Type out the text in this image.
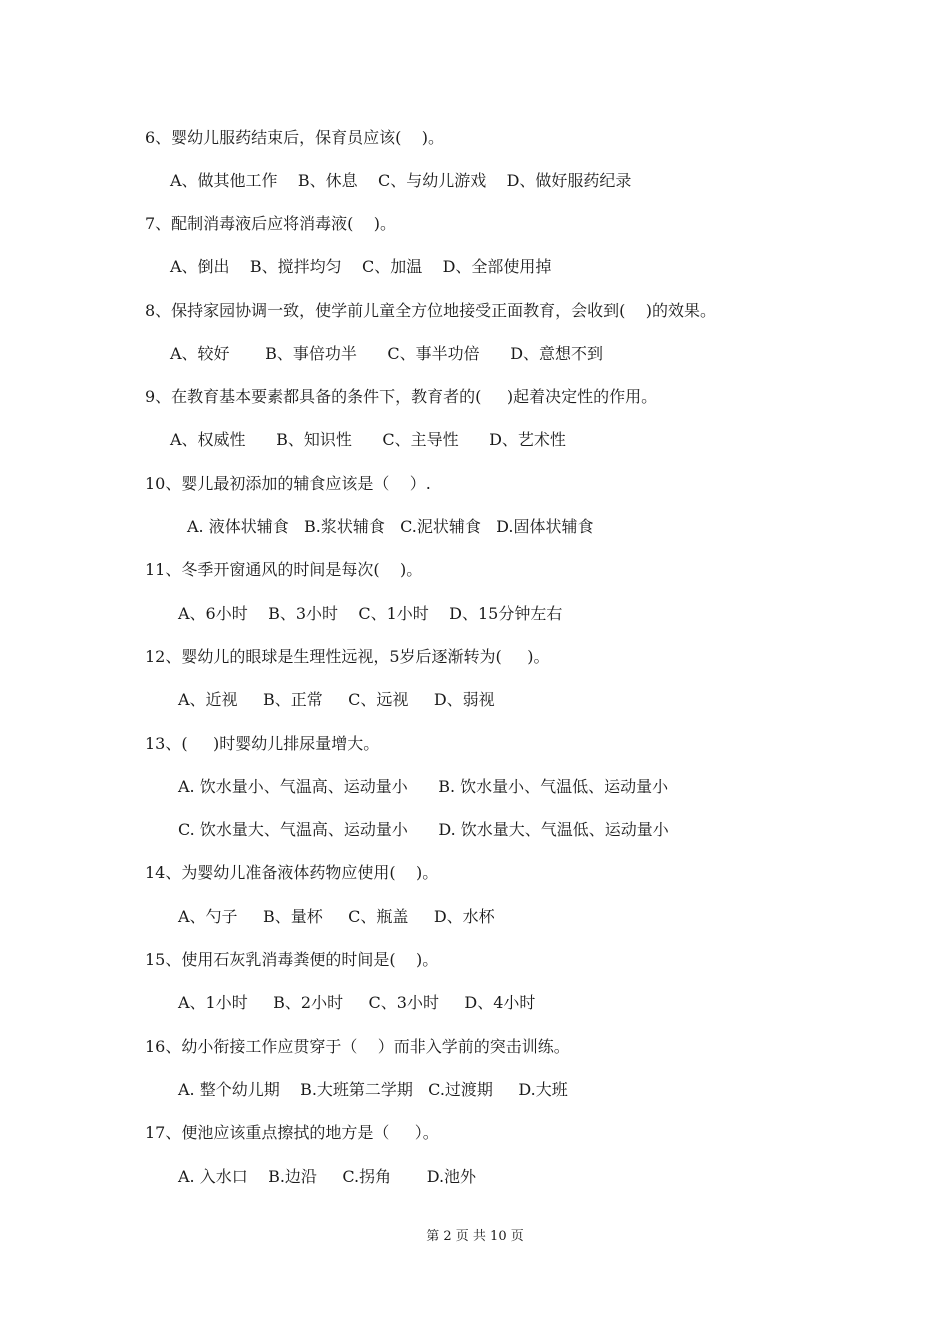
6、婴幼儿服药结束后，保育员应该(    )。
A、做其他工作    B、休息    C、与幼儿游戏    D、做好服药纪录
7、配制消毒液后应将消毒液(    )。
A、倒出    B、搅拌均匀    C、加温    D、全部使用掉
8、保持家园协调一致，使学前儿童全方位地接受正面教育，会收到(    )的效果。
A、较好       B、事倍功半      C、事半功倍      D、意想不到
9、在教育基本要素都具备的条件下，教育者的(     )起着决定性的作用。
A、权威性      B、知识性      C、主导性      D、艺术性
10、婴儿最初添加的辅食应该是（    ）.
A. 液体状辅食   B.浆状辅食   C.泥状辅食   D.固体状辅食
11、冬季开窗通风的时间是每次(    )。
A、6小时    B、3小时    C、1小时    D、15分钟左右
12、婴幼儿的眼球是生理性远视，5岁后逐渐转为(     )。
A、近视     B、正常     C、远视     D、弱视
13、(     )时婴幼儿排尿量增大。
A. 饮水量小、气温高、运动量小      B. 饮水量小、气温低、运动量小
C. 饮水量大、气温高、运动量小      D. 饮水量大、气温低、运动量小
14、为婴幼儿准备液体药物应使用(    )。
A、勺子     B、量杯     C、瓶盖     D、水杯
15、使用石灰乳消毒粪便的时间是(    )。
A、1小时     B、2小时     C、3小时     D、4小时
16、幼小衔接工作应贯穿于（    ）而非入学前的突击训练。
A. 整个幼儿期    B.大班第二学期   C.过渡期     D.大班
17、便池应该重点擦拭的地方是（     ）。
A. 入水口    B.边沿     C.拐角       D.池外
第 2 页 共 10 页
